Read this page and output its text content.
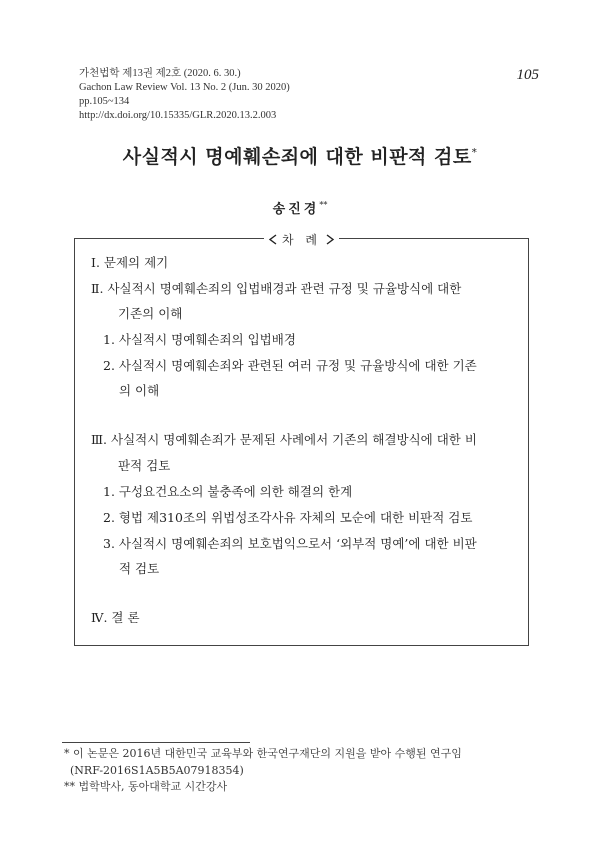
가천법학 제13권 제2호 (2020. 6. 30.)
Gachon Law Review Vol. 13 No. 2 (Jun. 30 2020)
pp.105~134
http://dx.doi.org/10.15335/GLR.2020.13.2.003
105
사실적시 명예훼손죄에 대한 비판적 검토*
송진경**
차 례
Ⅰ. 문제의 제기
Ⅱ. 사실적시 명예훼손죄의 입법배경과 관련 규정 및 규율방식에 대한
기존의 이해
1. 사실적시 명예훼손죄의 입법배경
2. 사실적시 명예훼손죄와 관련된 여러 규정 및 규율방식에 대한 기존
의 이해
Ⅲ. 사실적시 명예훼손죄가 문제된 사례에서 기존의 해결방식에 대한 비
판적 검토
1. 구성요건요소의 불충족에 의한 해결의 한계
2. 형법 제310조의 위법성조각사유 자체의 모순에 대한 비판적 검토
3. 사실적시 명예훼손죄의 보호법익으로서 ‘외부적 명예’에 대한 비판
적 검토
Ⅳ. 결 론
* 이 논문은 2016년 대한민국 교육부와 한국연구재단의 지원을 받아 수행된 연구임
(NRF-2016S1A5B5A07918354)
** 법학박사, 동아대학교 시간강사
